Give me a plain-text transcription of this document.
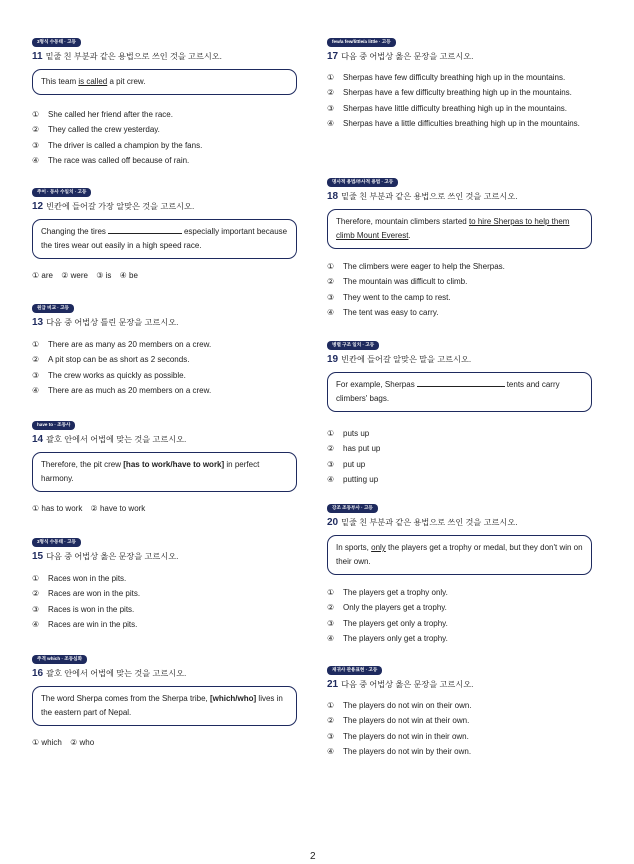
3형식 수동태 · 고등
11 밑줄 친 부분과 같은 용법으로 쓰인 것을 고르시오.
This team is called a pit crew.
①	She called her friend after the race.
②	They called the crew yesterday.
③	The driver is called a champion by the fans.
④	The race was called off because of rain.
주어 · 동사 수일치 · 고등
12 빈칸에 들어갈 가장 알맞은 것을 고르시오.
Changing the tires	especially important because the tires wear out easily in a high speed race.
① are ② were ③ is ④ be
원급 비교 · 고등
13 다음 중 어법상 틀린 문장을 고르시오.
①	There are as many as 20 members on a crew.
②	A pit stop can be as short as 2 seconds.
③	The crew works as quickly as possible.
④	There are as much as 20 members on a crew.
have to · 조동사
14 괄호 안에서 어법에 맞는 것을 고르시오.
Therefore, the pit crew [has to work/have to work] in perfect harmony.
① has to work ② have to work
3형식 수동태 · 고등
15 다음 중 어법상 옳은 문장을 고르시오.
①	Races won in the pits.
②	Races are won in the pits.
③	Races is won in the pits.
④	Races are win in the pits.
주격 which · 조동심화
16 괄호 안에서 어법에 맞는 것을 고르시오.
The word Sherpa comes from the Sherpa tribe, [which/who] lives in the eastern part of Nepal.
① which ② who
few/a few/little/a little · 고등
17 다음 중 어법상 옳은 문장을 고르시오.
①	Sherpas have few difficulty breathing high up in the mountains.
②	Sherpas have a few difficulty breathing high up in the mountains.
③	Sherpas have little difficulty breathing high up in the mountains.
④	Sherpas have a little difficulties breathing high up in the mountains.
명사적 용법/부사적 용법 · 고등
18 밑줄 친 부분과 같은 용법으로 쓰인 것을 고르시오.
Therefore, mountain climbers started to hire Sherpas to help them climb Mount Everest.
①	The climbers were eager to help the Sherpas.
②	The mountain was difficult to climb.
③	They went to the camp to rest.
④	The tent was easy to carry.
병렬 구조 일치 · 고등
19 빈칸에 들어갈 알맞은 말을 고르시오.
For example, Sherpas	tents and carry climbers' bags.
①	puts up
②	has put up
③	put up
④	putting up
강조 조동부사 · 고등
20 밑줄 친 부분과 같은 용법으로 쓰인 것을 고르시오.
In sports, only the players get a trophy or medal, but they don't win on their own.
①	The players get a trophy only.
②	Only the players get a trophy.
③	The players get only a trophy.
④	The players only get a trophy.
재귀사 관용표현 · 고등
21 다음 중 어법상 옳은 문장을 고르시오.
①	The players do not win on their own.
②	The players do not win at their own.
③	The players do not win in their own.
④	The players do not win by their own.
2
